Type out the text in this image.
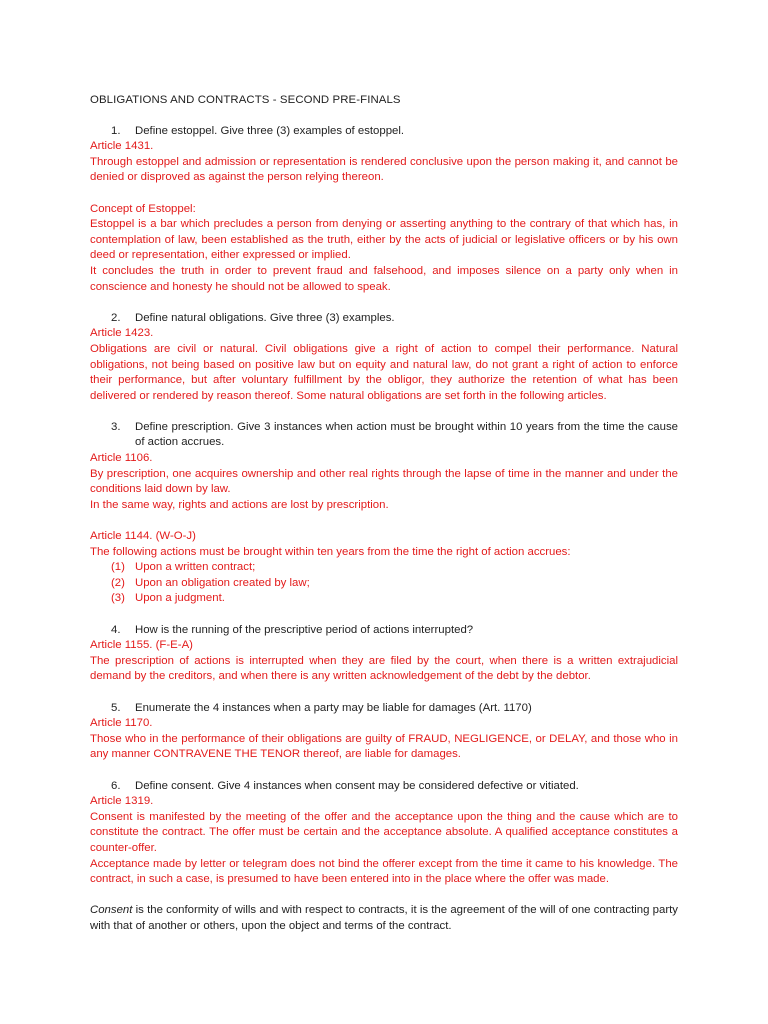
OBLIGATIONS AND CONTRACTS - SECOND PRE-FINALS
1. Define estoppel. Give three (3) examples of estoppel.
Article 1431.
Through estoppel and admission or representation is rendered conclusive upon the person making it, and cannot be denied or disproved as against the person relying thereon.
Concept of Estoppel:
Estoppel is a bar which precludes a person from denying or asserting anything to the contrary of that which has, in contemplation of law, been established as the truth, either by the acts of judicial or legislative officers or by his own deed or representation, either expressed or implied.
It concludes the truth in order to prevent fraud and falsehood, and imposes silence on a party only when in conscience and honesty he should not be allowed to speak.
2. Define natural obligations. Give three (3) examples.
Article 1423.
Obligations are civil or natural. Civil obligations give a right of action to compel their performance. Natural obligations, not being based on positive law but on equity and natural law, do not grant a right of action to enforce their performance, but after voluntary fulfillment by the obligor, they authorize the retention of what has been delivered or rendered by reason thereof. Some natural obligations are set forth in the following articles.
3. Define prescription. Give 3 instances when action must be brought within 10 years from the time the cause of action accrues.
Article 1106.
By prescription, one acquires ownership and other real rights through the lapse of time in the manner and under the conditions laid down by law.
In the same way, rights and actions are lost by prescription.
Article 1144. (W-O-J)
The following actions must be brought within ten years from the time the right of action accrues:
(1) Upon a written contract;
(2) Upon an obligation created by law;
(3) Upon a judgment.
4. How is the running of the prescriptive period of actions interrupted?
Article 1155. (F-E-A)
The prescription of actions is interrupted when they are filed by the court, when there is a written extrajudicial demand by the creditors, and when there is any written acknowledgement of the debt by the debtor.
5. Enumerate the 4 instances when a party may be liable for damages (Art. 1170)
Article 1170.
Those who in the performance of their obligations are guilty of FRAUD, NEGLIGENCE, or DELAY, and those who in any manner CONTRAVENE THE TENOR thereof, are liable for damages.
6. Define consent. Give 4 instances when consent may be considered defective or vitiated.
Article 1319.
Consent is manifested by the meeting of the offer and the acceptance upon the thing and the cause which are to constitute the contract. The offer must be certain and the acceptance absolute. A qualified acceptance constitutes a counter-offer.
Acceptance made by letter or telegram does not bind the offerer except from the time it came to his knowledge. The contract, in such a case, is presumed to have been entered into in the place where the offer was made.
Consent is the conformity of wills and with respect to contracts, it is the agreement of the will of one contracting party with that of another or others, upon the object and terms of the contract.
